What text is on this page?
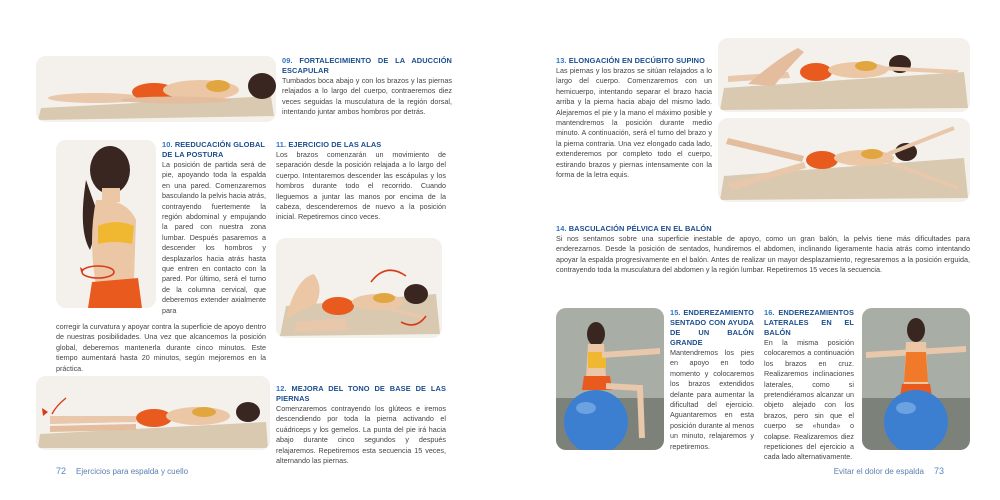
09. FORTALECIMIENTO DE LA ADUCCIÓN ESCAPULAR
Tumbados boca abajo y con los brazos y las piernas relajados a lo largo del cuerpo, contraeremos diez veces seguidas la musculatura de la región dorsal, intentando juntar ambos hombros por detrás.
10. REEDUCACIÓN GLOBAL DE LA POSTURA
La posición de partida será de pie, apoyando toda la espalda en una pared. Comenzaremos basculando la pelvis hacia atrás, contrayendo fuertemente la región abdominal y empujando la pared con nuestra zona lumbar. Después pasaremos a descender los hombros y desplazarlos hacia atrás hasta que entren en contacto con la pared. Por último, será el turno de la columna cervical, que deberemos extender axialmente para
corregir la curvatura y apoyar contra la superficie de apoyo dentro de nuestras posibilidades. Una vez que alcancemos la posición global, deberemos mantenerla durante cinco minutos. Este tiempo aumentará hasta 20 minutos, según mejoremos en la práctica.
11. EJERCICIO DE LAS ALAS
Los brazos comenzarán un movimiento de separación desde la posición relajada a lo largo del cuerpo. Intentaremos descender las escápulas y los hombros durante todo el recorrido. Cuando lleguemos a juntar las manos por encima de la cabeza, descenderemos de nuevo a la posición inicial. Repetiremos cinco veces.
12. MEJORA DEL TONO DE BASE DE LAS PIERNAS
Comenzaremos contrayendo los glúteos e iremos descendiendo por toda la pierna activando el cuádriceps y los gemelos. La punta del pie irá hacia abajo durante cinco segundos y después relajaremos. Repetiremos esta secuencia 15 veces, alternando las piernas.
72 Ejercicios para espalda y cuello
13. ELONGACIÓN EN DECÚBITO SUPINO
Las piernas y los brazos se sitúan relajados a lo largo del cuerpo. Comenzaremos con un hemicuerpo, intentando separar el brazo hacia arriba y la pierna hacia abajo del mismo lado. Alejaremos el pie y la mano el máximo posible y mantendremos la posición durante medio minuto. A continuación, será el turno del brazo y la pierna contraria. Una vez elongado cada lado, extenderemos por completo todo el cuerpo, estirando brazos y piernas intensamente con la forma de la letra equis.
14. BASCULACIÓN PÉLVICA EN EL BALÓN
Si nos sentamos sobre una superficie inestable de apoyo, como un gran balón, la pelvis tiene más dificultades para enderezarnos. Desde la posición de sentados, hundiremos el abdomen, inclinando ligeramente hacia atrás como intentando apoyar la espalda progresivamente en el balón. Antes de realizar un mayor desplazamiento, regresaremos a la posición erguida, contrayendo toda la musculatura del abdomen y la región lumbar. Repetiremos 15 veces la secuencia.
15. ENDEREZAMIENTO SENTADO CON AYUDA DE UN BALÓN GRANDE
Mantendremos los pies en apoyo en todo momento y colocaremos los brazos extendidos delante para aumentar la dificultad del ejercicio. Aguantaremos en esta posición durante al menos un minuto, relajaremos y repetiremos.
16. ENDEREZAMIENTOS LATERALES EN EL BALÓN
En la misma posición colocaremos a continuación los brazos en cruz. Realizaremos inclinaciones laterales, como si pretendiéramos alcanzar un objeto alejado con los brazos, pero sin que el cuerpo se «hunda» o colapse. Realizaremos diez repeticiones del ejercicio a cada lado alternativamente.
Evitar el dolor de espalda 73
